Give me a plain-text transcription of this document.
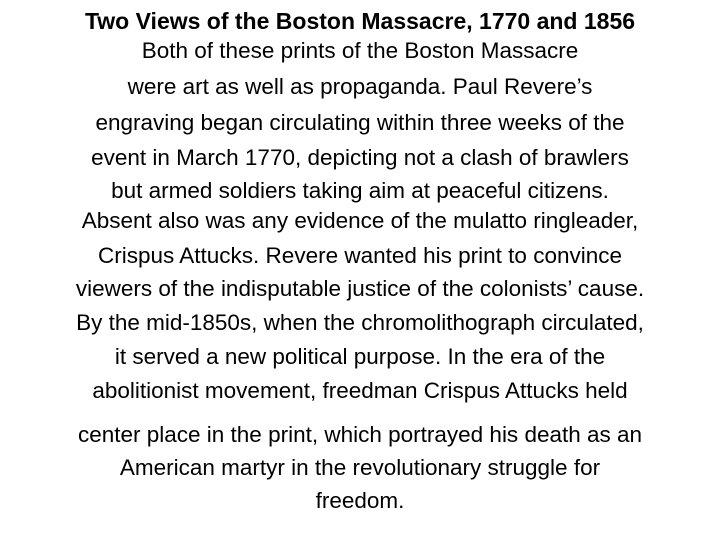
Two Views of the Boston Massacre, 1770 and 1856
Both of these prints of the Boston Massacre
were art as well as propaganda. Paul Revere’s
engraving began circulating within three weeks of the
event in March 1770, depicting not a clash of brawlers
but armed soldiers taking aim at peaceful citizens.
Absent also was any evidence of the mulatto ringleader,
Crispus Attucks. Revere wanted his print to convince
viewers of the indisputable justice of the colonists’ cause.
By the mid-1850s, when the chromolithograph circulated,
it served a new political purpose. In the era of the
abolitionist movement, freedman Crispus Attucks held
center place in the print, which portrayed his death as an
American martyr in the revolutionary struggle for
freedom.
